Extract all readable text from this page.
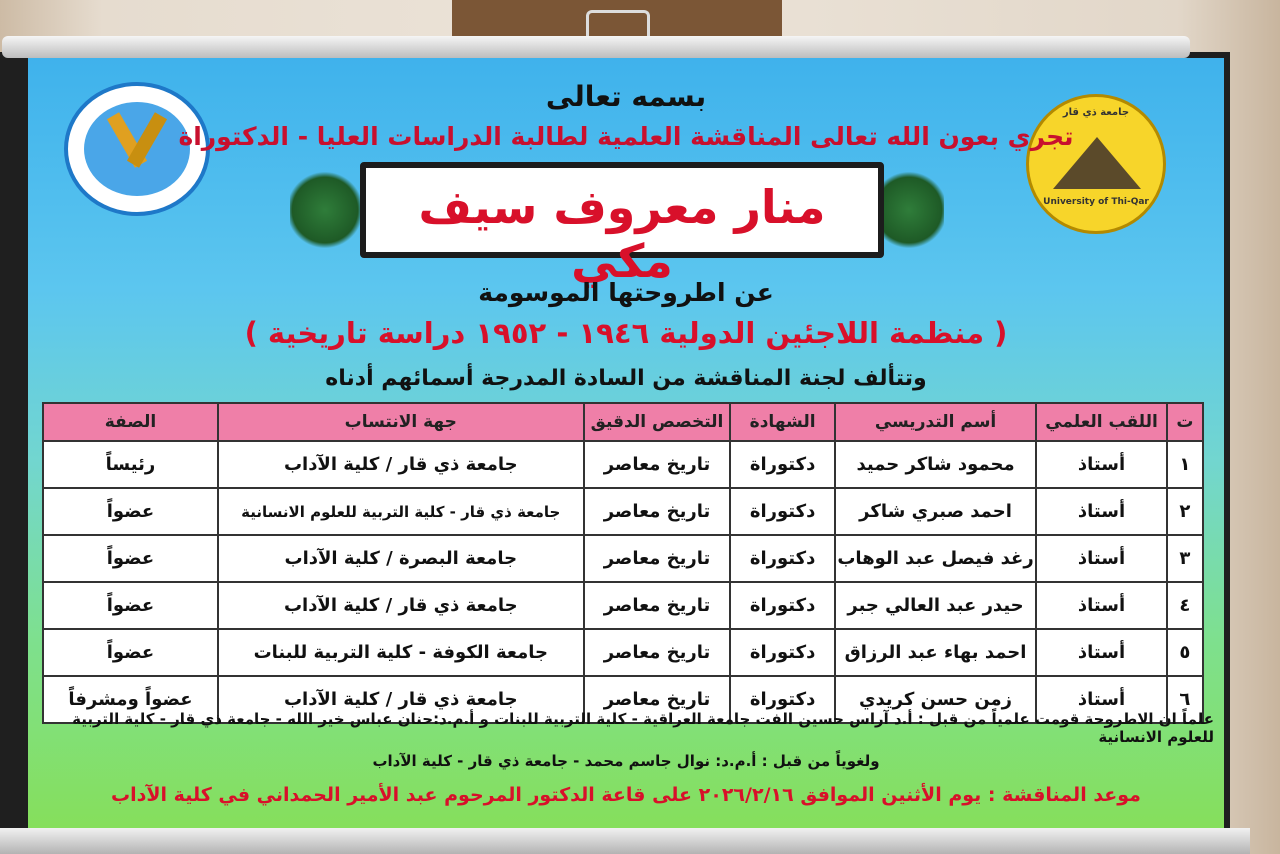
جامعة ذي قار
University of Thi-Qar
بسمه تعالى
تجري بعون الله تعالى المناقشة العلمية لطالبة الدراسات العليا - الدكتوراة
منار معروف سيف مكي
عن اطروحتها الموسومة
( منظمة اللاجئين الدولية ١٩٤٦ - ١٩٥٢ دراسة تاريخية )
وتتألف لجنة المناقشة من السادة المدرجة أسمائهم أدناه
ت	اللقب العلمي	أسم التدريسي	الشهادة	التخصص الدقيق	جهة الانتساب	الصفة
١	أستاذ	محمود شاكر حميد	دكتوراة	تاريخ معاصر	جامعة ذي قار / كلية الآداب	رئيساً
٢	أستاذ	احمد صبري شاكر	دكتوراة	تاريخ معاصر	جامعة ذي قار - كلية التربية للعلوم الانسانية	عضواً
٣	أستاذ	رغد فيصل عبد الوهاب	دكتوراة	تاريخ معاصر	جامعة البصرة / كلية الآداب	عضواً
٤	أستاذ	حيدر عبد العالي جبر	دكتوراة	تاريخ معاصر	جامعة ذي قار / كلية الآداب	عضواً
٥	أستاذ	احمد بهاء عبد الرزاق	دكتوراة	تاريخ معاصر	جامعة الكوفة - كلية التربية للبنات	عضواً
٦	أستاذ	زمن حسن كريدي	دكتوراة	تاريخ معاصر	جامعة ذي قار / كلية الآداب	عضواً ومشرفاً
علماً ان الاطروحة قومت علمياً من قبل : أ.د آراس حسين الفت جامعة العراقية - كلية التربية للبنات و أ.م.د:حنان عباس خير الله - جامعة ذي قار - كلية التربية للعلوم الانسانية
ولغوياً من قبل : أ.م.د: نوال جاسم محمد - جامعة ذي قار - كلية الآداب
موعد المناقشة : يوم الأثنين الموافق ٢٠٢٦/٢/١٦ على قاعة الدكتور المرحوم عبد الأمير الحمداني في كلية الآداب
